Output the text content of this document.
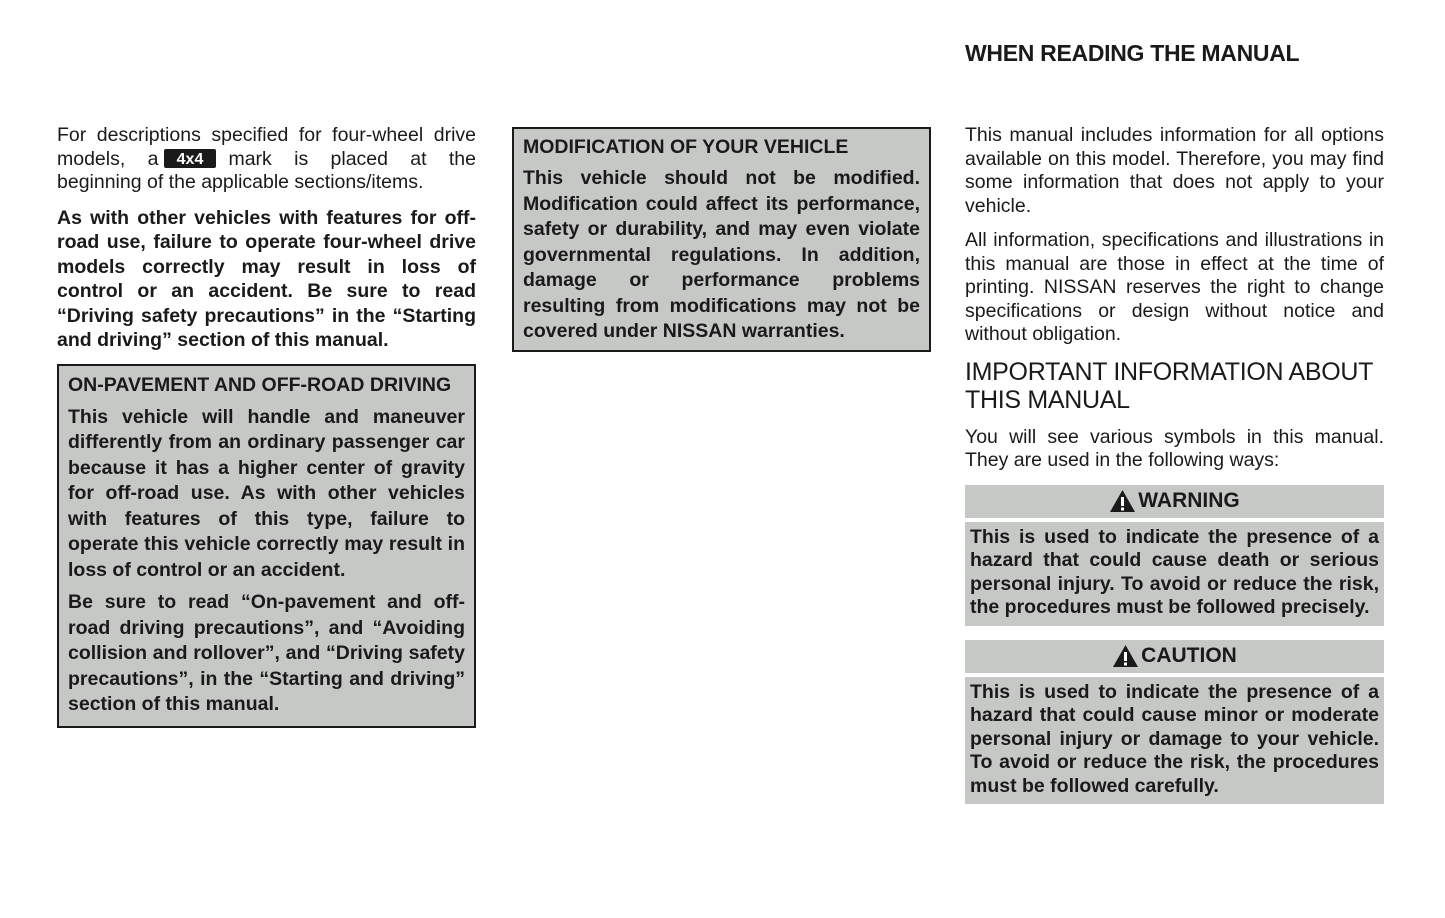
WHEN READING THE MANUAL

For descriptions specified for four-wheel drive models, a 4x4 mark is placed at the beginning of the applicable sections/items.

As with other vehicles with features for off-road use, failure to operate four-wheel drive models correctly may result in loss of control or an accident. Be sure to read “Driving safety precautions” in the “Starting and driving” section of this manual.

ON-PAVEMENT AND OFF-ROAD DRIVING

This vehicle will handle and maneuver differently from an ordinary passenger car because it has a higher center of gravity for off-road use. As with other vehicles with features of this type, failure to operate this vehicle correctly may result in loss of control or an accident.

Be sure to read “On-pavement and off-road driving precautions”, and “Avoiding collision and rollover”, and “Driving safety precautions”, in the “Starting and driving” section of this manual.

MODIFICATION OF YOUR VEHICLE

This vehicle should not be modified. Modification could affect its performance, safety or durability, and may even violate governmental regulations. In addition, damage or performance problems resulting from modifications may not be covered under NISSAN warranties.

This manual includes information for all options available on this model. Therefore, you may find some information that does not apply to your vehicle.

All information, specifications and illustrations in this manual are those in effect at the time of printing. NISSAN reserves the right to change specifications or design without notice and without obligation.

IMPORTANT INFORMATION ABOUT THIS MANUAL

You will see various symbols in this manual. They are used in the following ways:

WARNING
This is used to indicate the presence of a hazard that could cause death or serious personal injury. To avoid or reduce the risk, the procedures must be followed precisely.
CAUTION
This is used to indicate the presence of a hazard that could cause minor or moderate personal injury or damage to your vehicle. To avoid or reduce the risk, the procedures must be followed carefully.
